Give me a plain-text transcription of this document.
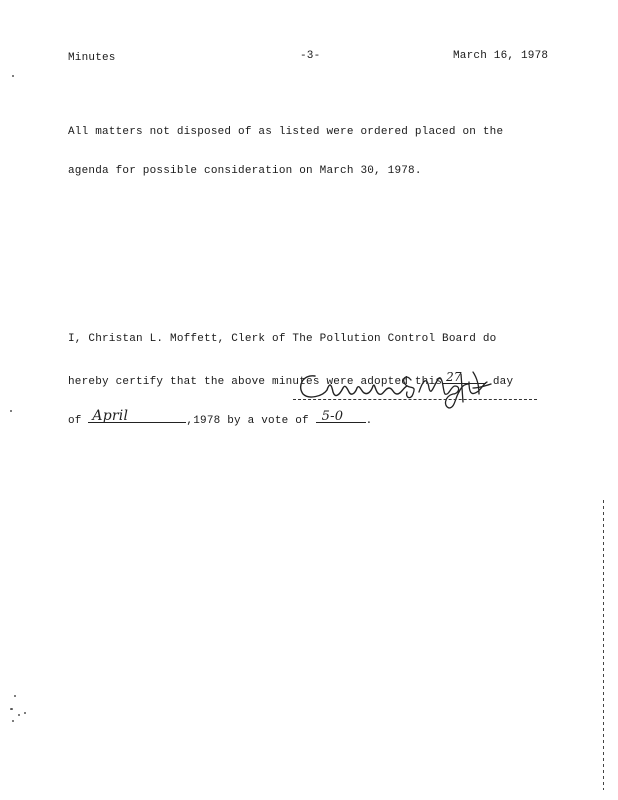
Minutes	-3-	March 16, 1978

All matters not disposed of as listed were ordered placed on the

agenda for possible consideration on March 30, 1978.

I, Christan L. Moffett, Clerk of The Pollution Control Board do

hereby certify that the above minutes were adopted this 27	day

of April	,1978 by a vote of 5-0 .
